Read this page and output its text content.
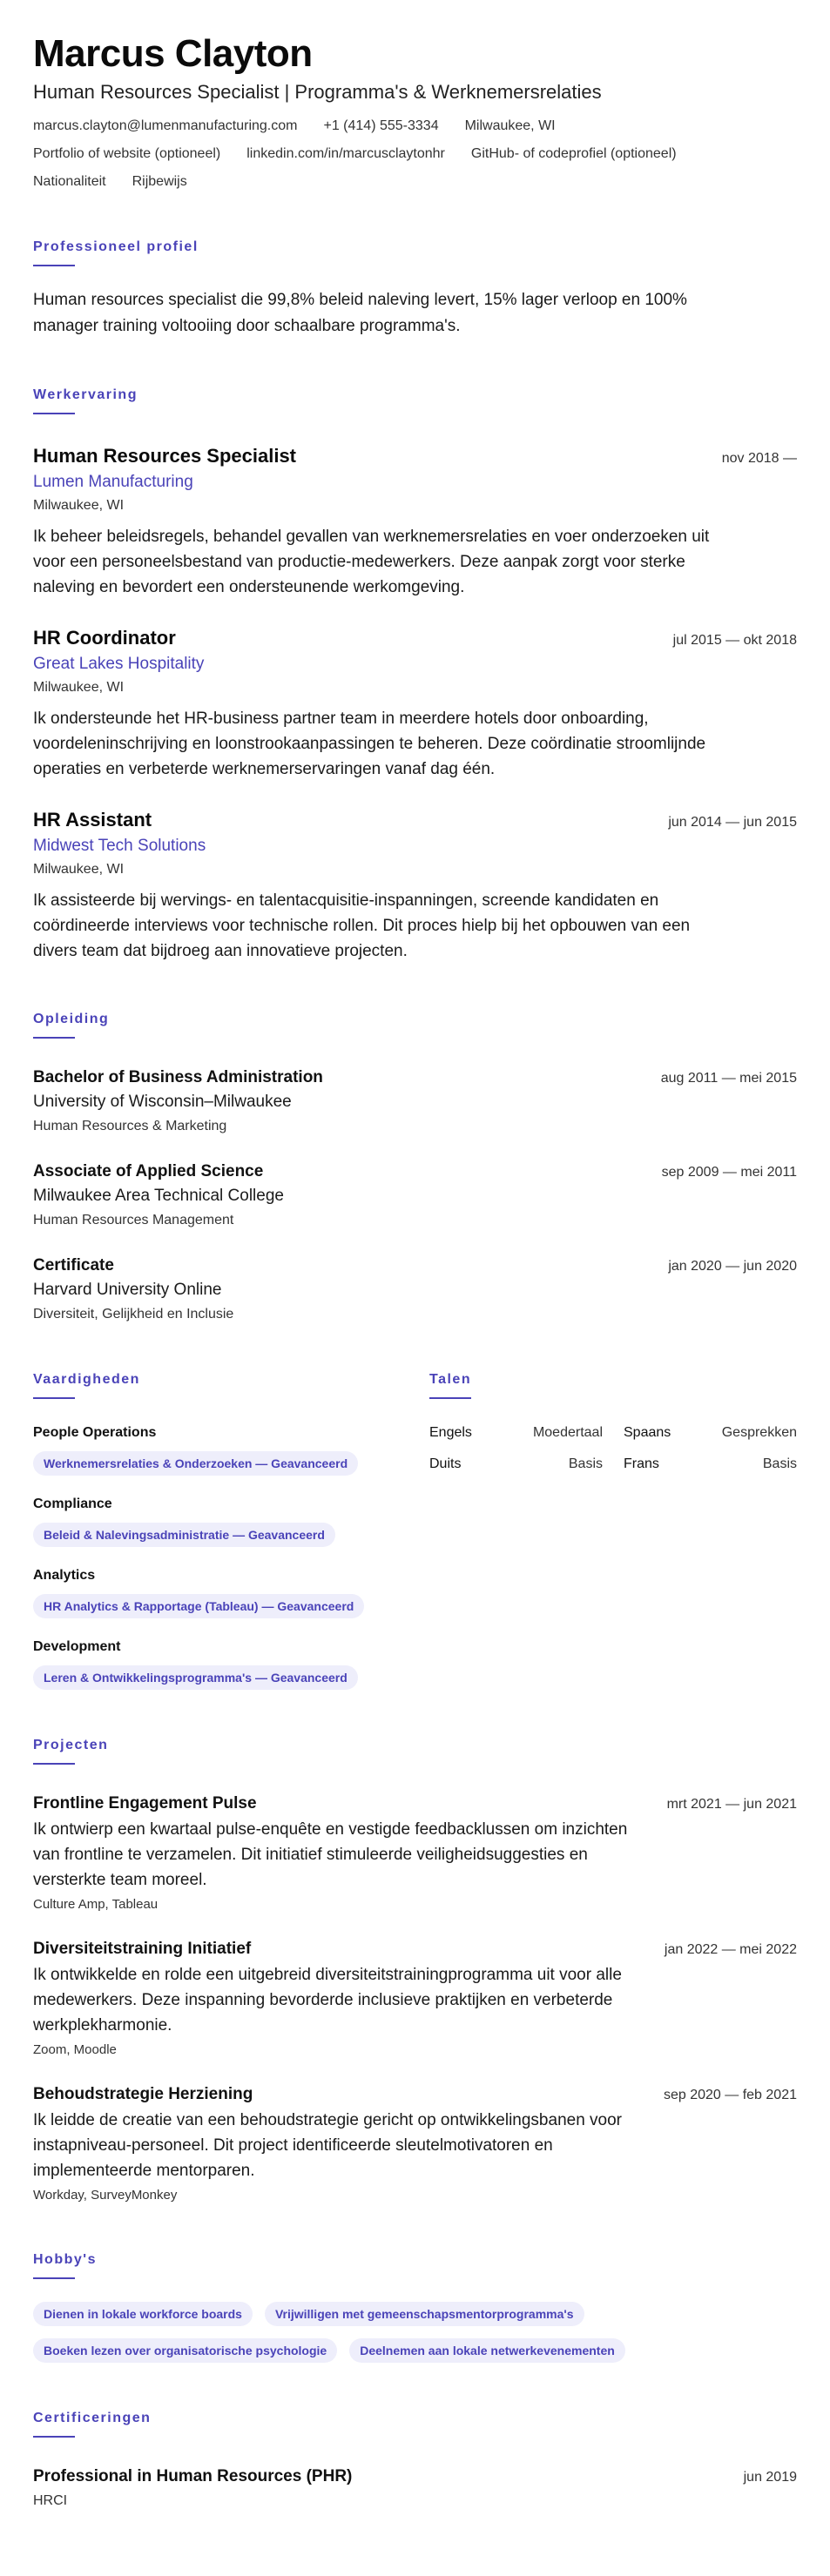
Marcus Clayton
Human Resources Specialist | Programma's & Werknemersrelaties
marcus.clayton@lumenmanufacturing.com +1 (414) 555-3334 Milwaukee, WI
Portfolio of website (optioneel) linkedin.com/in/marcusclaytonhr GitHub- of codeprofiel (optioneel)
Nationaliteit Rijbewijs
Professioneel profiel

Human resources specialist die 99,8% beleid naleving levert, 15% lager verloop en 100% manager training voltooiing door schaalbare programma's.

Werkervaring
Human Resources Specialist	nov 2018 —
Lumen Manufacturing
Milwaukee, WI

Ik beheer beleidsregels, behandel gevallen van werknemersrelaties en voer onderzoeken uit voor een personeelsbestand van productie-medewerkers. Deze aanpak zorgt voor sterke naleving en bevordert een ondersteunende werkomgeving.

HR Coordinator	jul 2015 — okt 2018
Great Lakes Hospitality
Milwaukee, WI

Ik ondersteunde het HR-business partner team in meerdere hotels door onboarding, voordeleninschrijving en loonstrookaanpassingen te beheren. Deze coördinatie stroomlijnde operaties en verbeterde werknemerservaringen vanaf dag één.

HR Assistant	jun 2014 — jun 2015
Midwest Tech Solutions
Milwaukee, WI

Ik assisteerde bij wervings- en talentacquisitie-inspanningen, screende kandidaten en coördineerde interviews voor technische rollen. Dit proces hielp bij het opbouwen van een divers team dat bijdroeg aan innovatieve projecten.

Opleiding
Bachelor of Business Administration	aug 2011 — mei 2015
University of Wisconsin–Milwaukee
Human Resources & Marketing
Associate of Applied Science	sep 2009 — mei 2011
Milwaukee Area Technical College
Human Resources Management
Certificate	jan 2020 — jun 2020
Harvard University Online
Diversiteit, Gelijkheid en Inclusie
Vaardigheden
People Operations
Werknemersrelaties & Onderzoeken — Geavanceerd
Compliance
Beleid & Nalevingsadministratie — Geavanceerd
Analytics
HR Analytics & Rapportage (Tableau) — Geavanceerd
Development
Leren & Ontwikkelingsprogramma's — Geavanceerd
Talen
Engels	Moedertaal Spaans	Gesprekken
Duits	Basis Frans	Basis
Projecten
Frontline Engagement Pulse	mrt 2021 — jun 2021

Ik ontwierp een kwartaal pulse-enquête en vestigde feedbacklussen om inzichten van frontline te verzamelen. Dit initiatief stimuleerde veiligheidsuggesties en versterkte team moreel.

Culture Amp, Tableau
Diversiteitstraining Initiatief	jan 2022 — mei 2022

Ik ontwikkelde en rolde een uitgebreid diversiteitstrainingprogramma uit voor alle medewerkers. Deze inspanning bevorderde inclusieve praktijken en verbeterde werkplekharmonie.

Zoom, Moodle
Behoudstrategie Herziening	sep 2020 — feb 2021

Ik leidde de creatie van een behoudstrategie gericht op ontwikkelingsbanen voor instapniveau-personeel. Dit project identificeerde sleutelmotivatoren en implementeerde mentorparen.

Workday, SurveyMonkey
Hobby's
Dienen in lokale workforce boards	Vrijwilligen met gemeenschapsmentorprogramma's
Boeken lezen over organisatorische psychologie	Deelnemen aan lokale netwerkevenementen
Certificeringen
Professional in Human Resources (PHR)	jun 2019
HRCI
